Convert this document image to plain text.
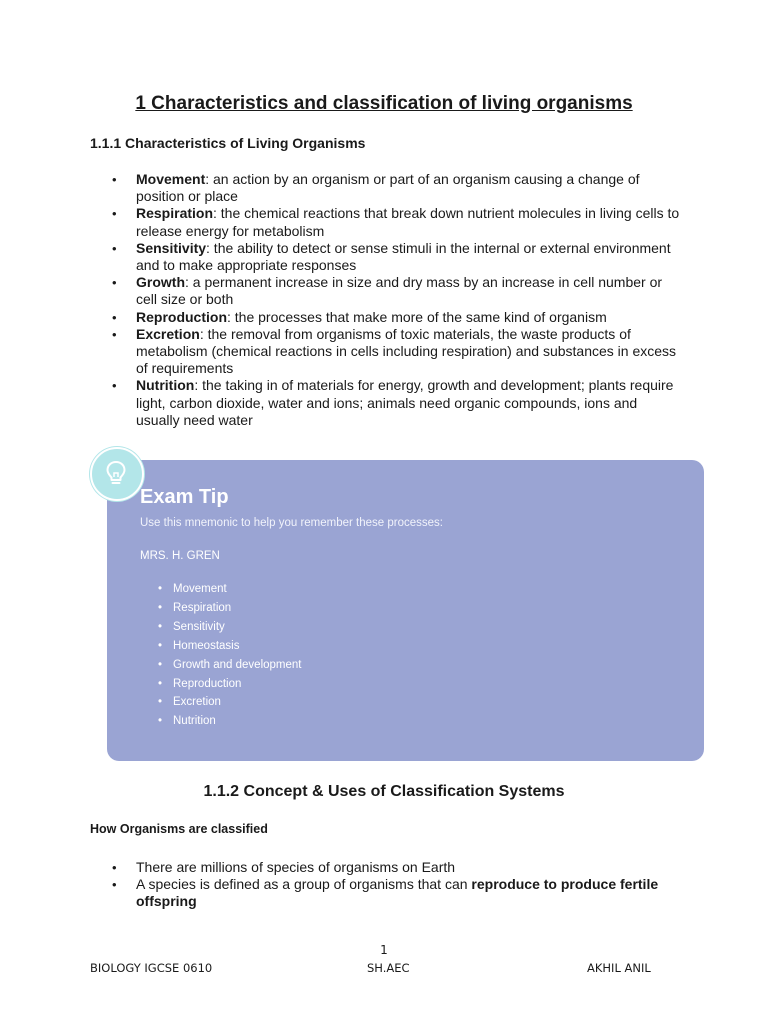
1 Characteristics and classification of living organisms
1.1.1 Characteristics of Living Organisms
• Movement: an action by an organism or part of an organism causing a change of position or place
• Respiration: the chemical reactions that break down nutrient molecules in living cells to release energy for metabolism
• Sensitivity: the ability to detect or sense stimuli in the internal or external environment and to make appropriate responses
• Growth: a permanent increase in size and dry mass by an increase in cell number or cell size or both
• Reproduction: the processes that make more of the same kind of organism
• Excretion: the removal from organisms of toxic materials, the waste products of metabolism (chemical reactions in cells including respiration) and substances in excess of requirements
• Nutrition: the taking in of materials for energy, growth and development; plants require light, carbon dioxide, water and ions; animals need organic compounds, ions and usually need water
Exam Tip

Use this mnemonic to help you remember these processes:

MRS. H. GREN

• Movement
• Respiration
• Sensitivity
• Homeostasis
• Growth and development
• Reproduction
• Excretion
• Nutrition
1.1.2 Concept & Uses of Classification Systems
How Organisms are classified
• There are millions of species of organisms on Earth
• A species is defined as a group of organisms that can reproduce to produce fertile offspring
1
BIOLOGY IGCSE 0610	SH.AEC	AKHIL ANIL
